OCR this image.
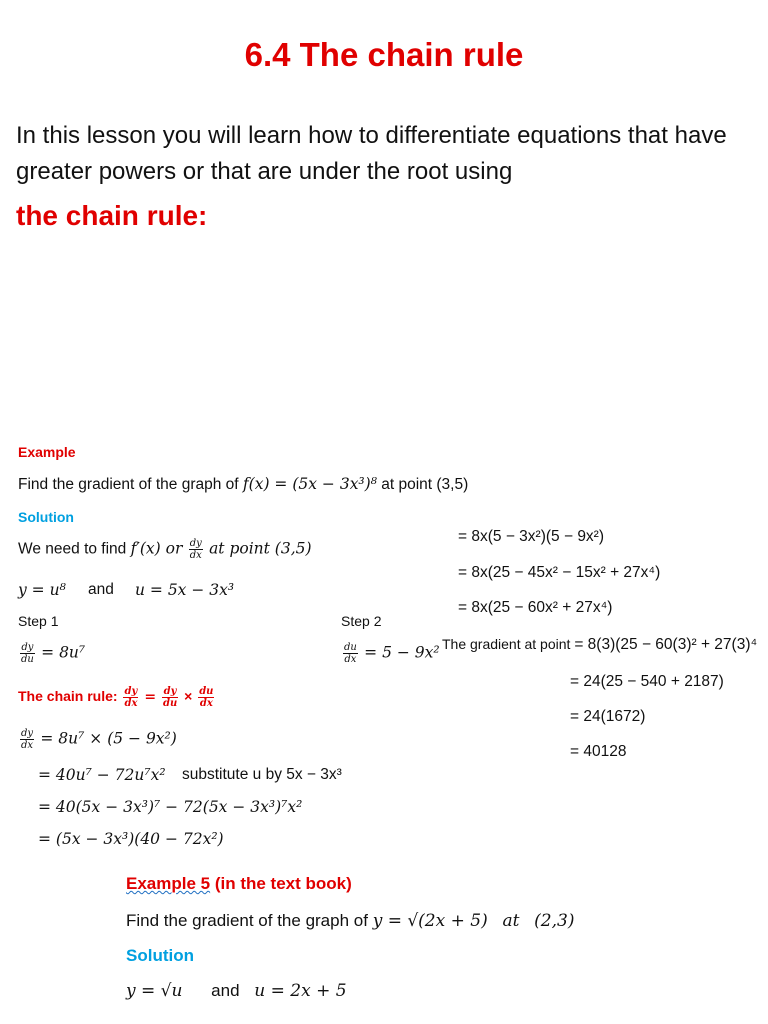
6.4 The chain rule
In this lesson you will learn how to differentiate equations that have greater powers or that are under the root using
the chain rule:
Example
Find the gradient of the graph of f(x) = (5x − 3x³)⁸ at point (3,5)
Solution
We need to find f′(x) or $\frac{dy}{dx}$ at point (3,5)
y = u⁸ and u = 5x − 3x³
Step 1
$\frac{dy}{du} = 8u^7$
Step 2
$\frac{du}{dx} = 5 - 9x^2$
The chain rule: $\frac{dy}{dx} = \frac{dy}{du} \times \frac{du}{dx}$
$\frac{dy}{dx} = 8u^7 \times (5 - 9x^2)$
= 40u⁷ − 72u⁷x² substitute u by 5x − 3x³
= 40(5x − 3x³)⁷ − 72(5x − 3x³)⁷x²
= (5x − 3x³)(40 − 72x²)
= 8x(5 − 3x²)(5 − 9x²)
= 8x(25 − 45x² − 15x² + 27x⁴)
= 8x(25 − 60x² + 27x⁴)
The gradient at point = 8(3)(25 − 60(3)² + 27(3)⁴
= 24(25 − 540 + 2187)
= 24(1672)
= 40128
Example 5 (in the text book)
Find the gradient of the graph of y = √(2x + 5) at (2,3)
Solution
y = √u and u = 2x + 5
